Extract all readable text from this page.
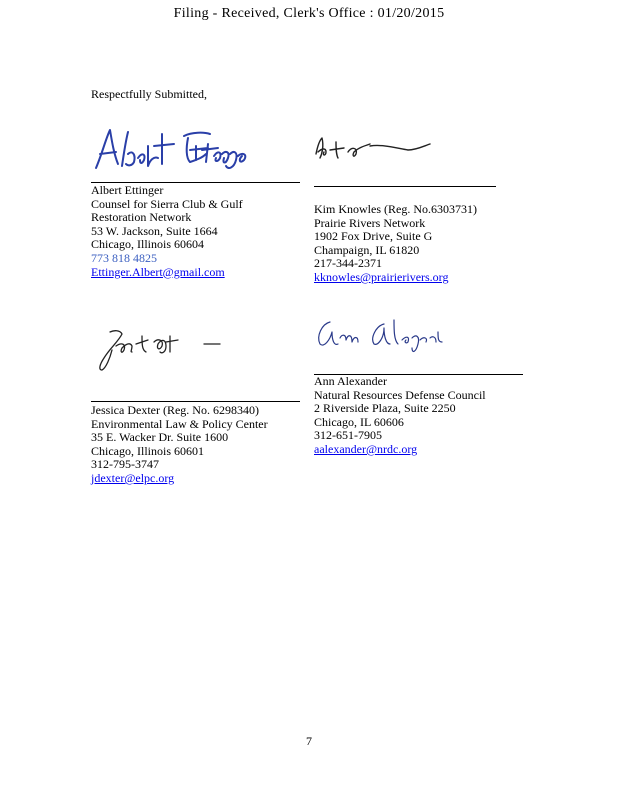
Filing - Received, Clerk's Office : 01/20/2015
Respectfully Submitted,
Albert Ettinger
Counsel for Sierra Club & Gulf
Restoration Network
53 W. Jackson, Suite 1664
Chicago, Illinois 60604
773 818 4825
Ettinger.Albert@gmail.com
Kim Knowles (Reg. No.6303731)
Prairie Rivers Network
1902 Fox Drive, Suite G
Champaign, IL 61820
217-344-2371
kknowles@prairierivers.org
Jessica Dexter (Reg. No. 6298340)
Environmental Law & Policy Center
35 E. Wacker Dr. Suite 1600
Chicago, Illinois 60601
312-795-3747
jdexter@elpc.org
Ann Alexander
Natural Resources Defense Council
2 Riverside Plaza, Suite 2250
Chicago, IL 60606
312-651-7905
aalexander@nrdc.org
7
